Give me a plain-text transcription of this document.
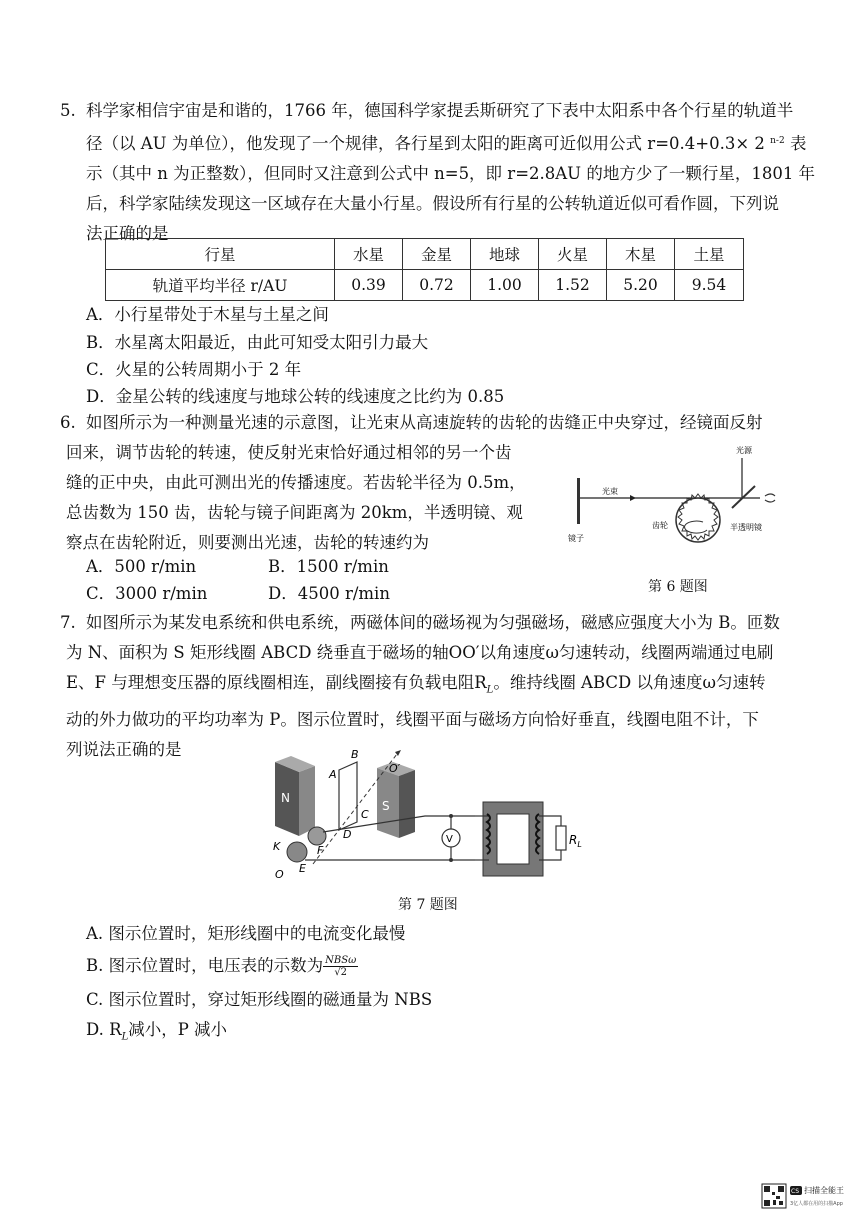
5. 科学家相信宇宙是和谐的，1766 年，德国科学家提丢斯研究了下表中太阳系中各个行星的轨道半
径（以 AU 为单位），他发现了一个规律，各行星到太阳的距离可近似用公式 r=0.4+0.3× 2 $^{n-2}$ 表
示（其中 n 为正整数），但同时又注意到公式中 n=5，即 r=2.8AU 的地方少了一颗行星，1801 年
后，科学家陆续发现这一区域存在大量小行星。假设所有行星的公转轨道近似可看作圆，下列说
法正确的是
行星	水星	金星	地球	火星	木星	土星
轨道平均半径 r/AU	0.39	0.72	1.00	1.52	5.20	9.54
A．小行星带处于木星与土星之间
B．水星离太阳最近，由此可知受太阳引力最大
C．火星的公转周期小于 2 年
D．金星公转的线速度与地球公转的线速度之比约为 0.85
6. 如图所示为一种测量光速的示意图，让光束从高速旋转的齿轮的齿缝正中央穿过，经镜面反射
回来，调节齿轮的转速，使反射光束恰好通过相邻的另一个齿
缝的正中央，由此可测出光的传播速度。若齿轮半径为 0.5m，
总齿数为 150 齿，齿轮与镜子间距离为 20km，半透明镜、观
察点在齿轮附近，则要测出光速，齿轮的转速约为
A．500 r/min	B．1500 r/min
C．3000 r/min	D．4500 r/min
光源
光束
齿轮	半透明镜
镜子
第 6 题图
7. 如图所示为某发电系统和供电系统，两磁体间的磁场视为匀强磁场，磁感应强度大小为 B。匝数
为 N、面积为 S 矩形线圈 ABCD 绕垂直于磁场的轴OO′以角速度ω匀速转动，线圈两端通过电刷
E、F 与理想变压器的原线圈相连，副线圈接有负载电阻$R_L$。维持线圈 ABCD 以角速度ω匀速转
动的外力做功的平均功率为 P。图示位置时，线圈平面与磁场方向恰好垂直，线圈电阻不计，下
列说法正确的是
N
S
B
A
C
D
O′
K	F
E
O
V	$R_L$
第 7 题图
A. 图示位置时，矩形线圈中的电流变化最慢
B. 图示位置时，电压表的示数为 $\frac{\text{NBSω}}{√2}$
C. 图示位置时，穿过矩形线圈的磁通量为 NBS
D. $R_L$减小，P 减小
CS 扫描全能王
3亿人都在用的扫描App
